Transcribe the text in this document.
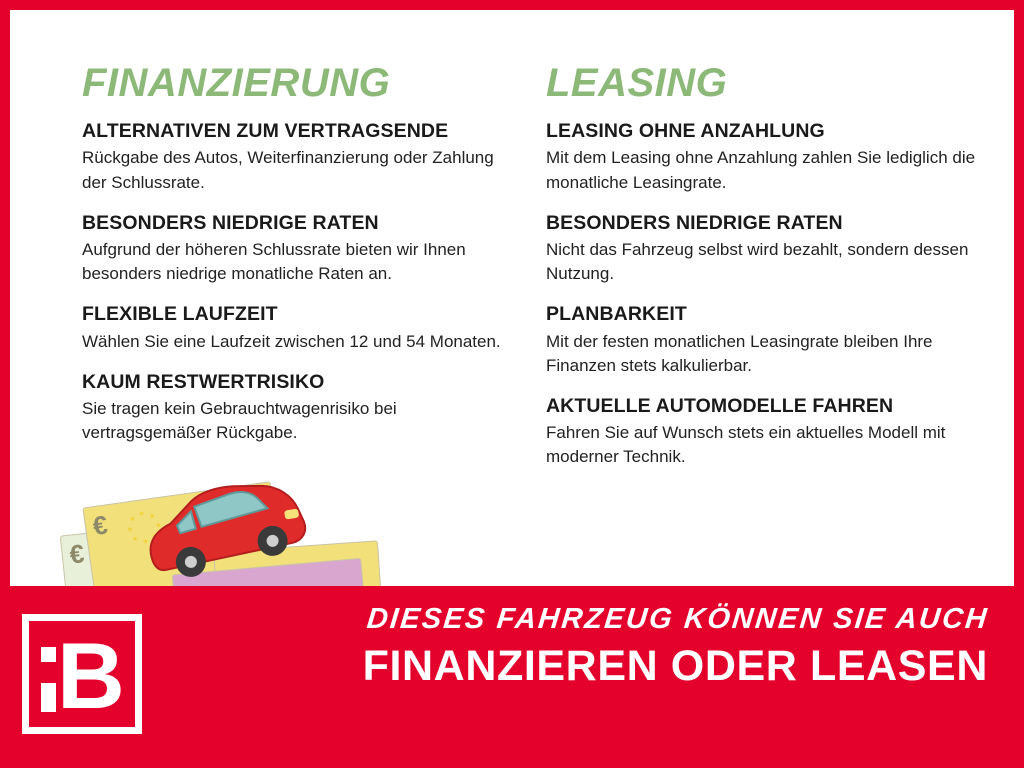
FINANZIERUNG
ALTERNATIVEN ZUM VERTRAGSENDE
Rückgabe des Autos, Weiterfinanzierung oder Zahlung der Schlussrate.
BESONDERS NIEDRIGE RATEN
Aufgrund der höheren Schlussrate bieten wir Ihnen besonders niedrige monatliche Raten an.
FLEXIBLE LAUFZEIT
Wählen Sie eine Laufzeit zwischen 12 und 54 Monaten.
KAUM RESTWERTRISIKO
Sie tragen kein Gebrauchtwagenrisiko bei vertragsgemäßer Rückgabe.
LEASING
LEASING OHNE ANZAHLUNG
Mit dem Leasing ohne Anzahlung zahlen Sie lediglich die monatliche Leasingrate.
BESONDERS NIEDRIGE RATEN
Nicht das Fahrzeug selbst wird bezahlt, sondern dessen Nutzung.
PLANBARKEIT
Mit der festen monatlichen Leasingrate bleiben Ihre Finanzen stets kalkulierbar.
AKTUELLE AUTOMODELLE FAHREN
Fahren Sie auf Wunsch stets ein aktuelles Modell mit moderner Technik.
€
€
B
DIESES FAHRZEUG KÖNNEN SIE AUCH
FINANZIEREN ODER LEASEN
